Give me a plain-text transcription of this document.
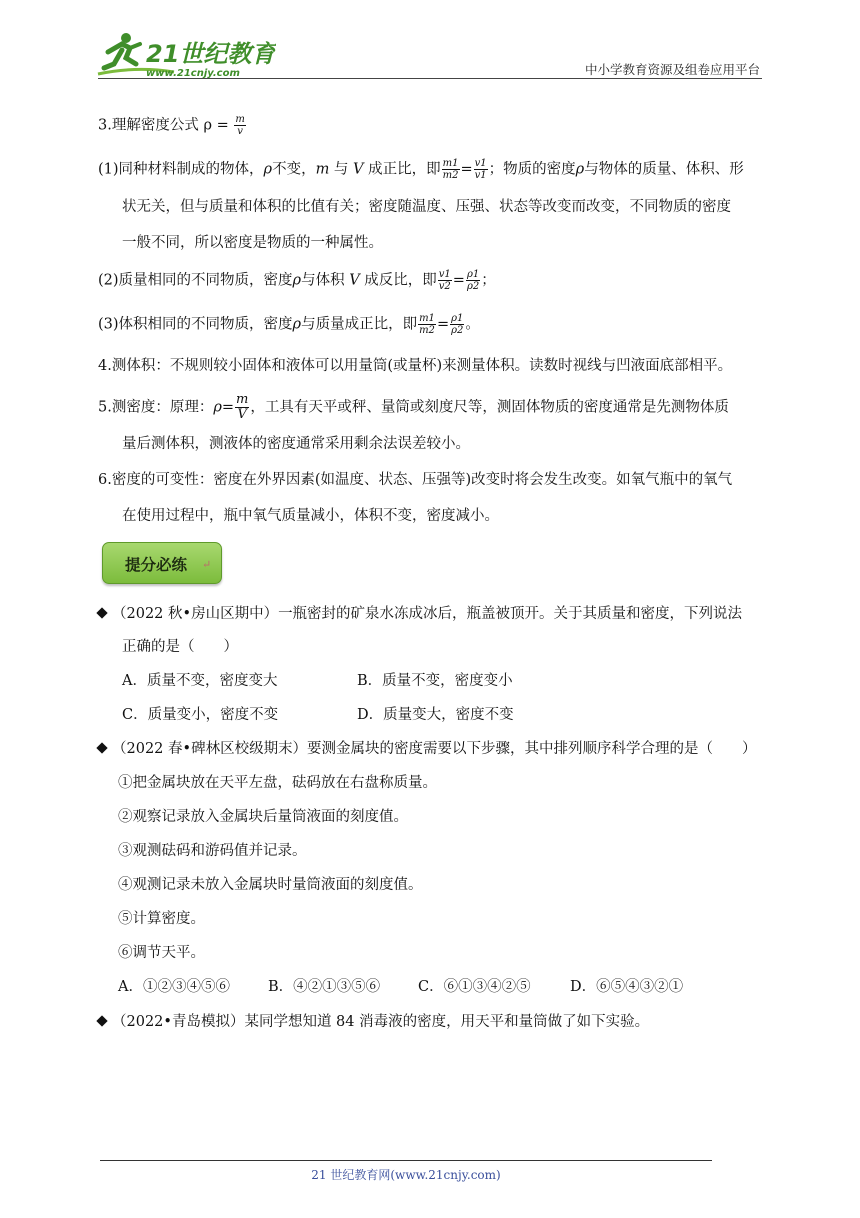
21世纪教育
www.21cnjy.com	中小学教育资源及组卷应用平台
3.理解密度公式 $\rho = \frac{m}{v}$
(1)同种材料制成的物体，ρ不变，m 与 V 成正比，即 $\frac{m1}{m2} = \frac{v1}{v1}$ ；物质的密度ρ与物体的质量、体积、形
状无关，但与质量和体积的比值有关；密度随温度、压强、状态等改变而改变，不同物质的密度
一般不同，所以密度是物质的一种属性。
(2)质量相同的不同物质，密度ρ与体积 V 成反比，即 $\frac{v1}{v2} = \frac{\rho 1}{\rho 2}$ ；
(3)体积相同的不同物质，密度ρ与质量成正比，即 $\frac{m1}{m2} = \frac{\rho 1}{\rho 2}$ 。
4.测体积：不规则较小固体和液体可以用量筒(或量杯)来测量体积。读数时视线与凹液面底部相平。
5.测密度：原理：$\rho= \frac{m}{V}$ ，工具有天平或秤、量筒或刻度尺等，测固体物质的密度通常是先测物体质
量后测体积，测液体的密度通常采用剩余法误差较小。
6.密度的可变性：密度在外界因素(如温度、状态、压强等)改变时将会发生改变。如氧气瓶中的氧气
在使用过程中，瓶中氧气质量减小，体积不变，密度减小。
提分必练 ↵
（2022 秋•房山区期中）一瓶密封的矿泉水冻成冰后，瓶盖被顶开。关于其质量和密度，下列说法
正确的是（　　）
A．质量不变，密度变大	B．质量不变，密度变小
C．质量变小，密度不变	D．质量变大，密度不变
（2022 春•碑林区校级期末）要测金属块的密度需要以下步骤，其中排列顺序科学合理的是（　　）
①把金属块放在天平左盘，砝码放在右盘称质量。
②观察记录放入金属块后量筒液面的刻度值。
③观测砝码和游码值并记录。
④观测记录未放入金属块时量筒液面的刻度值。
⑤计算密度。
⑥调节天平。
A．①②③④⑤⑥	B．④②①③⑤⑥	C．⑥①③④②⑤	D．⑥⑤④③②①
（2022•青岛模拟）某同学想知道 84 消毒液的密度，用天平和量筒做了如下实验。
21 世纪教育网(www.21cnjy.com)
